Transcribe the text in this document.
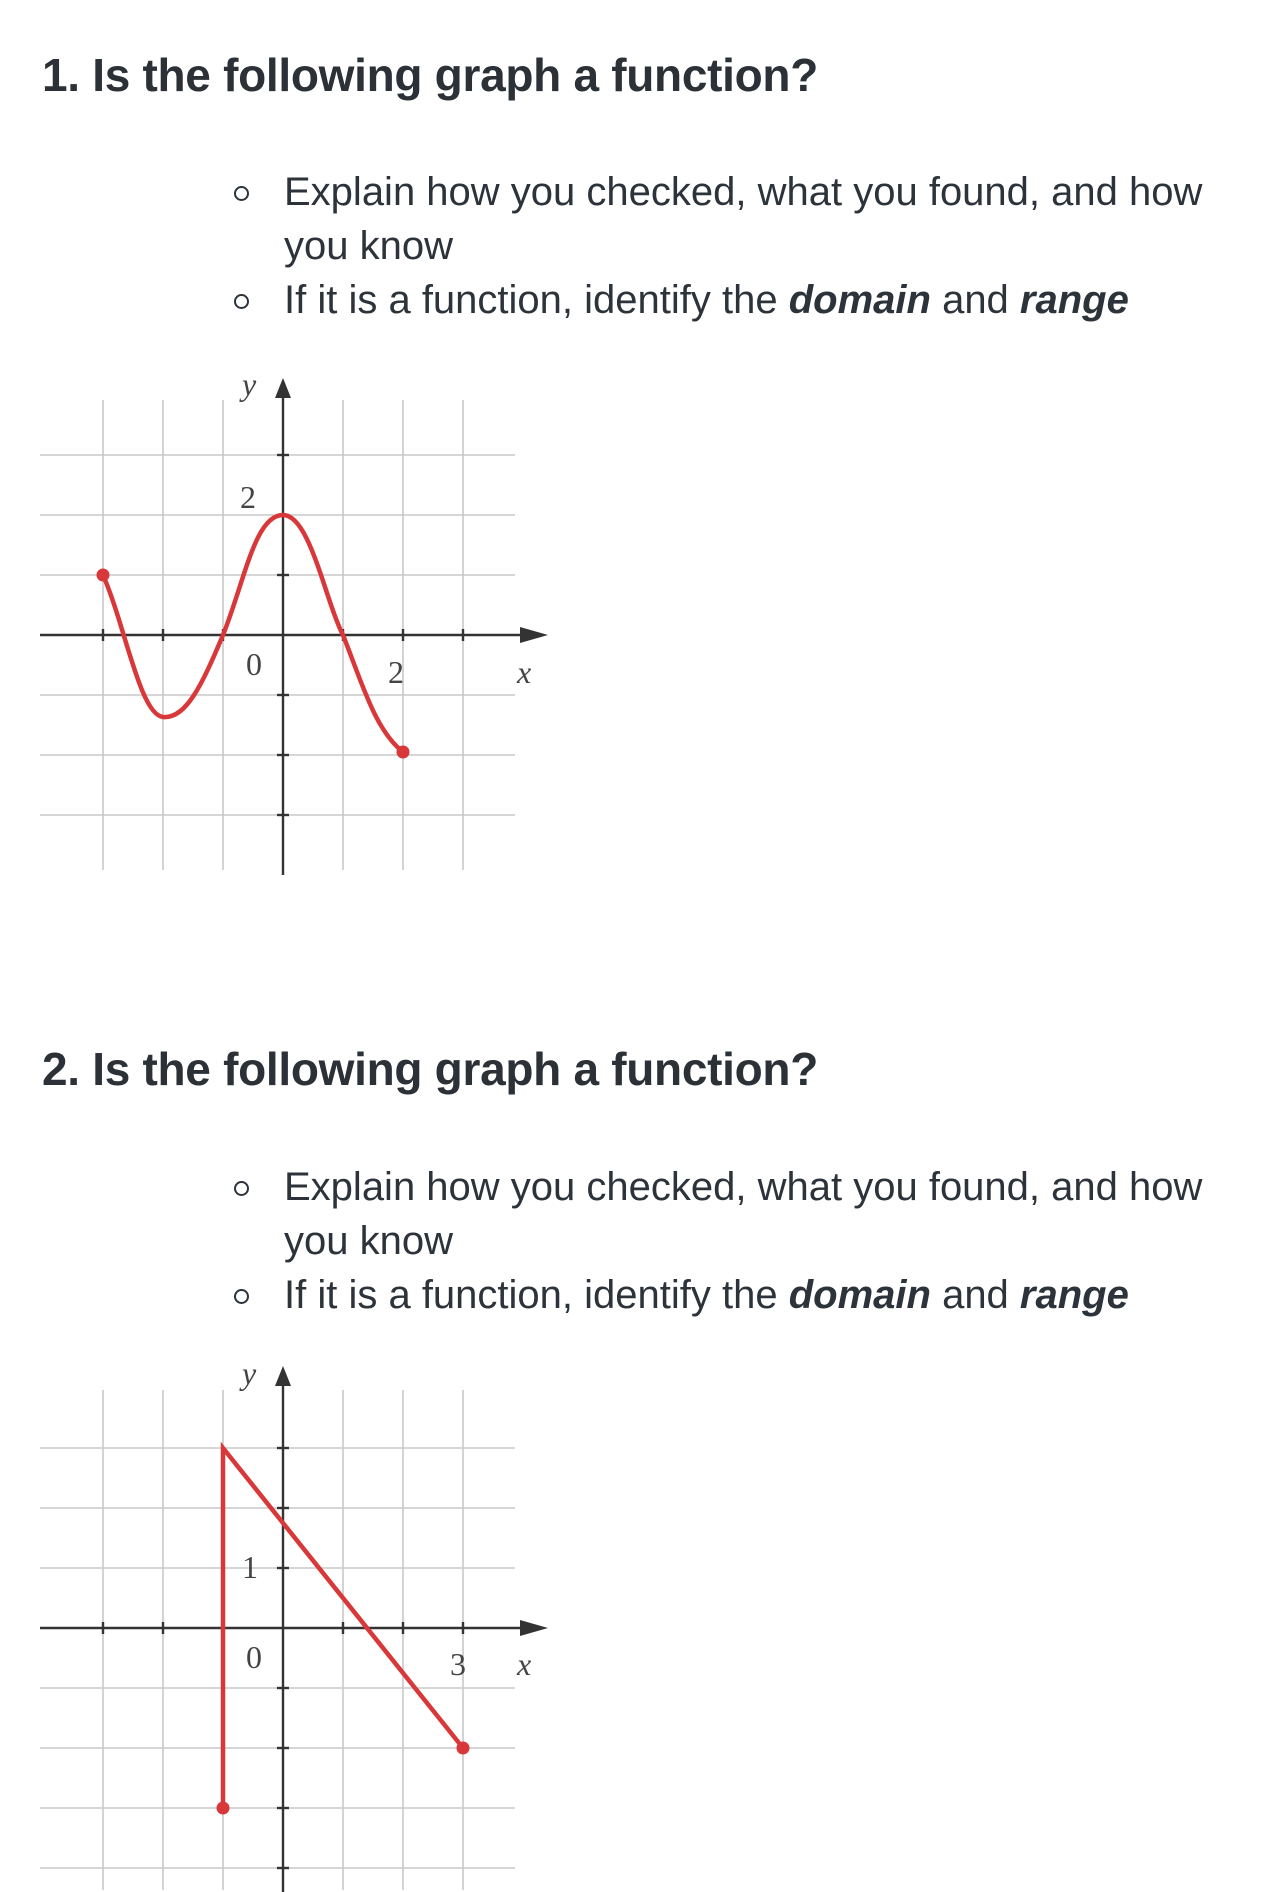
1. Is the following graph a function?
Explain how you checked, what you found, and how you know
If it is a function, identify the domain and range
y
x
0
2
2
2. Is the following graph a function?
Explain how you checked, what you found, and how you know
If it is a function, identify the domain and range
y
x
0
1
3
